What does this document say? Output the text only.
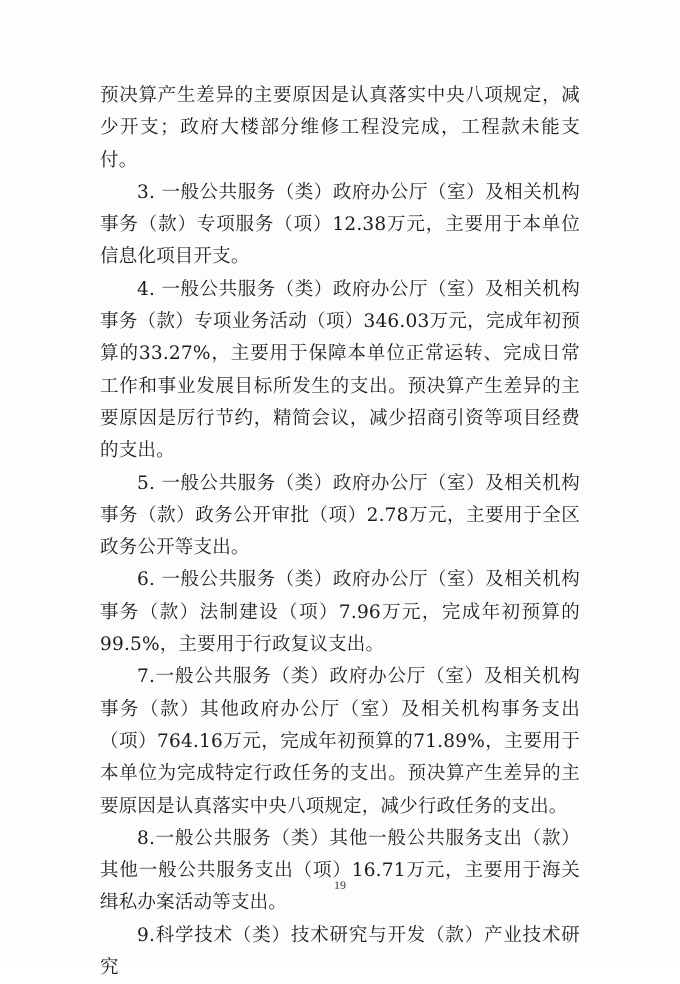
预决算产生差异的主要原因是认真落实中央八项规定，减少开支；政府大楼部分维修工程没完成，工程款未能支付。

3. 一般公共服务（类）政府办公厅（室）及相关机构事务（款）专项服务（项）12.38万元，主要用于本单位信息化项目开支。

4. 一般公共服务（类）政府办公厅（室）及相关机构事务（款）专项业务活动（项）346.03万元，完成年初预算的33.27%，主要用于保障本单位正常运转、完成日常工作和事业发展目标所发生的支出。预决算产生差异的主要原因是厉行节约，精简会议，减少招商引资等项目经费的支出。

5. 一般公共服务（类）政府办公厅（室）及相关机构事务（款）政务公开审批（项）2.78万元，主要用于全区政务公开等支出。

6. 一般公共服务（类）政府办公厅（室）及相关机构事务（款）法制建设（项）7.96万元，完成年初预算的99.5%，主要用于行政复议支出。

7.一般公共服务（类）政府办公厅（室）及相关机构事务（款）其他政府办公厅（室）及相关机构事务支出（项）764.16万元，完成年初预算的71.89%，主要用于本单位为完成特定行政任务的支出。预决算产生差异的主要原因是认真落实中央八项规定，减少行政任务的支出。

8.一般公共服务（类）其他一般公共服务支出（款）其他一般公共服务支出（项）16.71万元，主要用于海关缉私办案活动等支出。

9.科学技术（类）技术研究与开发（款）产业技术研究

19
